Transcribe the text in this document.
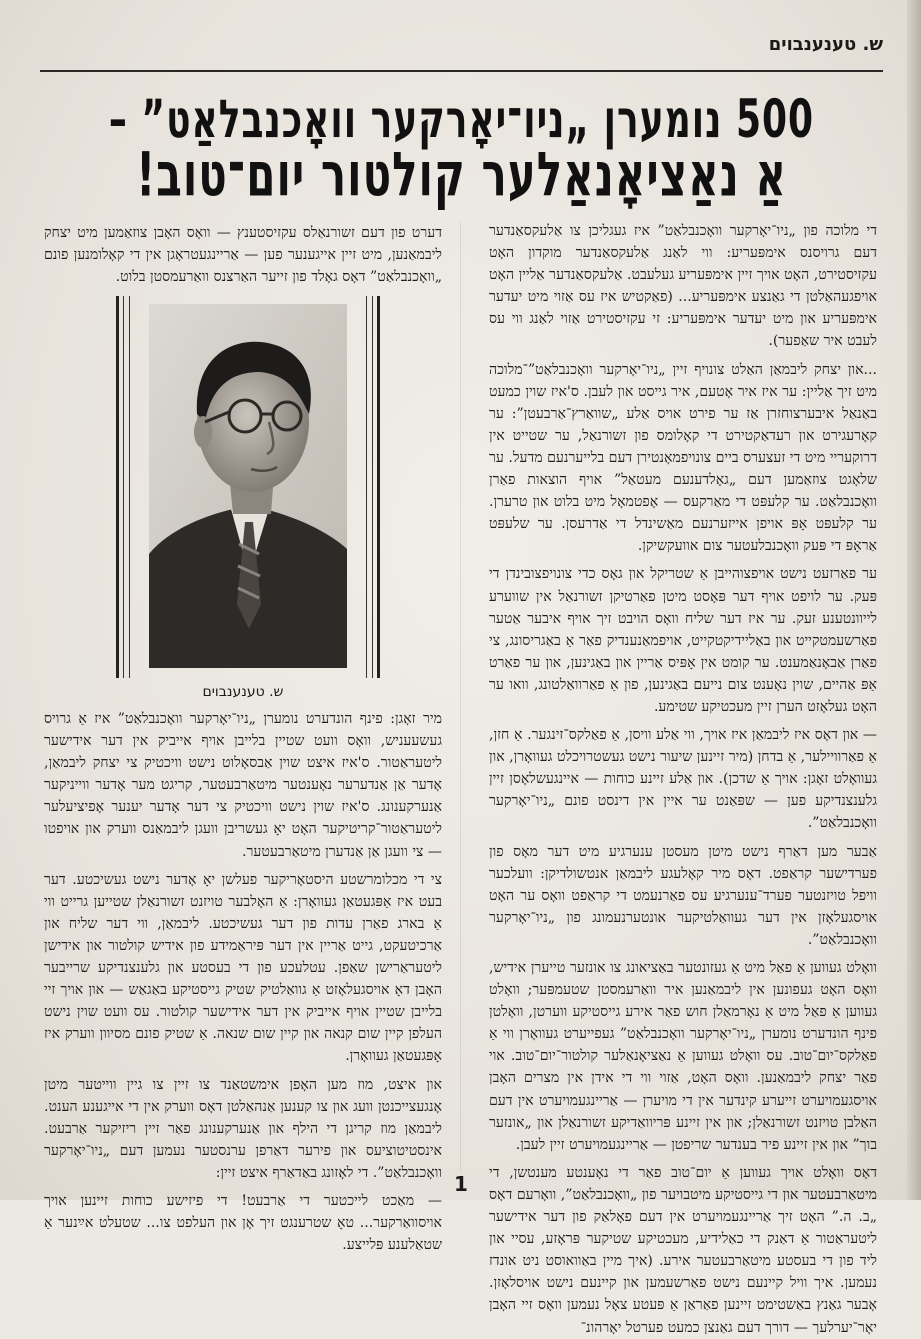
ש. טענענבוים
500 נומערן „ניו־יאָרקער וואָכנבלאַט” –
אַ נאַציאָנאַלער קולטור יום־טוב!

די מלוכה פון „ניו־יאָרקער וואָכנבלאַט” איז געגליכן צו אַלעקסאַנדער דעם גרויסנס אימפּעריע: ווי לאַנג אַלעקסאַנדער מוקדון האָט עקזיסטירט, האָט אויך זיין אימפּעריע געלעבט. אַלעקסאַנדער אַליין האָט אויפגעהאַלטן די גאַנצע אימפּעריע... (פאַקטיש איז עס אַזוי מיט יעדער אימפּעריע און מיט יעדער אימפּעריע: זי עקזיסטירט אַזוי לאַנג ווי עס לעבט איר שאַפער).

...און יצחק ליבמאַן האַלט צונויף זיין „ניו־יאָרקער וואָכנבלאַט”־מלוכה מיט זיך אַליין: ער איז איר אָטעם, איר גייסט און לעבן. ס'איז שוין כמעט באַנאַל איבערצוחזרן אַז ער פירט אויס אַלע „שוואַרץ־אַרבעטן”: ער קאָרעגירט און רעדאַקטירט די קאָלומס פון זשורנאַל, ער שטייט אין דרוקעריי מיט די זעצערס ביים צונויפמאָנטירן דעם בלייערנעם מדעל. ער שלאָגט צוזאַמען דעם „גאָלדענעם מעטאַל” אויף הוצאות פאַרן וואָכנבלאַט. ער קלעפּט די מאַרקעס — אָפטמאָל מיט בלוט און טרערן. ער קלעפּט אָפּ אויפן אייזערנעם מאַשינדל די אַדרעסן. ער שלעפּט אַראָפּ די פּעק וואָכנבלעטער צום אוועקשיקן.

ער פאַרזעט נישט אויפצוהייבן אַ שטריקל און גאָס כדי צונויפצובינדן די פּעק. ער לויפט אויף דער פּאָסט מיטן פאַרטיקן זשורנאַל אין שווערע לייוונטענע זעק. ער איז דער שליח וואָס הויבט זיך אויף איבער אַטער פאַרשעמטקייט און באַליידיקטקייט, אויפמאַנענדיק פאַר אַ באַגריסונג, צי פאַרן אַבאָנאַמענט. ער קומט אין אָפּיס אַריין און באַגינען, און ער פאַרט אַפּ אַהיים, שוין נאָענט צום נייעם באַגינען, פון אַ פאַרוואַלטונג, וואו ער האָט געלאָזט הערן זיין מעכטיקע שטימע.

— און דאָס איז ליבמאַן איז אויך, ווי אַלע וויסן, אַ פאַלקס־זינגער. אַ חזן, אַ פאַרוויילער, אַ בדחן (מיר זיינען שיעור נישט געשטרויכלט געוואָרן, און געוואָלט זאָגן: אויך אַ שדכן). און אַלע זיינע כוחות — איינגעשלאָסן זיין גלענצנדיקע פען — שפּאַנט ער איין אין דינסט פונם „ניו־יאָרקער וואָכנבלאַט”.

אַבער מען דאַרף נישט מיטן מעסטן ענערגיע מיט דער מאָס פון פערדישער קראַפט. דאָס מיר קאָלעגע ליבמאַן אנטשולדיקן: וועלכער וויפל טויזנטער פערד־ענערגיע עס פאַרנעמט די קראַפט וואָס ער האָט אויסגעלאָזן אין דער געוואַלטיקער אונטערנעמונג פון „ניו־יאָרקער וואָכנבלאַט”.

וואָלט געווען אַ פאַל מיט אַ געזונטער באַציאונג צו אונזער טייערן אידיש, וואָס האָט געפונען אין ליבמאַנען איר וואַרעמסטן שטעמפּער; וואָלט געווען אַ פאַל מיט אַ נאָרמאַלן חוש פאַר אירע גייסטיקע ווערטן, וואָלטן פינף הונדערט נומערן „ניו־יאָרקער וואָכנבלאַט” געפייערט געוואָרן ווי אַ פאַלקס־יום־טוב. עס וואָלט געווען אַ נאַציאָנאַלער קולטור־יום־טוב. אוי פאַר יצחק ליבמאַנען. וואָס האָט, אַזוי ווי די אידן אין מצרים האָבן אויסגעמויערט זייערע קינדער אין די מויערן — אַריינגעמויערט אין דעם האַלבן טויזנט זשורנאַלן; און אין זיינע פּריוואַדיקע זשורנאַלן און „אונזער בוך” און אין זיינע פיר בענדער שריפטן — אַריינגעמויערט זיין לעבן.

דאָס וואָלט אויך געווען אַ יום־טוב פאַר די נאָענטע מענטשן, די מיטאַרבעטער און די גייסטיקע מיטבויער פון „וואָכנבלאַט”, וואָרעם דאָס „ב. ה.” האָט זיך אַריינגעמויערט אין דעם פאָלאַק פון דער אידישער ליטעראַטור אַ דאַנק די כאַלידיע, מעכטיקע שטיקער פּראָזע, עסיי און ליד פון די בעסטע מיטאַרבעטער אירע. (איך מיין באַוואוסט ניט אונדז נעמען. איך וויל קיינעם נישט פאַרשעמען און קיינעם נישט אויסלאָזן. אָבער גאַנץ באַשטימט זיינען פאַראַן אַ פּעטע צאָל נעמען וואָס זיי האָבן יאָר־יערלעך — דורך דעם גאַנצן כמעט פערטל יאָרהונ־

דערט פון דעם זשורנאַלס עקזיסטענץ — וואָס האָבן צוזאַמען מיט יצחק ליבמאַנען, מיט זיין אייגענער פען — אַריינגעטראָגן אין די קאָלומנען פונם „וואָכנבלאַט” דאָס גאָלד פון זייער האַרצנס וואַרעמסטן בלוט.

ש. טענענבוים

מיר זאָגן: פינף הונדערט נומערן „ניו־יאָרקער וואָכנבלאַט” איז אַ גרויס געשעעניש, וואָס וועט שטיין בלייבן אויף אייביק אין דער אידישער ליטעראַטור. ס'איז איצט שוין אַבסאָלוט נישט וויכטיק צי יצחק ליבמאַן, אָדער אַן אַנדערער נאָענטער מיטאַרבעטער, קריגט מער אָדער ווייניקער אַנערקענונג. ס'איז שוין נישט וויכטיק צי דער אָדער יענער אָפיציעלער ליטעראַטור־קריטיקער האָט יאָ געשריבן וועגן ליבמאַנס ווערק און אויפטו — צי וועגן אַן אַנדערן מיטאַרבעטער.

צי די מכלומרשטע היסטאָריקער פעלשן יאָ אָדער נישט געשיכטע. דער בעט איז אַפּגעטאַן געוואָרן: אַ האָלבער טויזנט זשורנאַלן שטייען גרייט ווי אַ בארג פאַרן עדות פון דער געשיכטע. ליבמאַן, ווי דער שליח און אַרכיטעקט, גייט אַריין אין דער פּיראַמידע פון אידיש קולטור און אידישן ליטעראַרישן שאַפן. עטלעכע פון די בעסטע און גלענצנדיקע שרייבער האָבן דאָ אויסגעלאָזט אַ גוואַלטיק שטיק גייסטיקע באַגאַש — און אויך זיי בלייבן שטיין אויף אייביק אין דער אידישער קולטור. עס וועט שוין נישט העלפן קיין שום קנאה און קיין שום שנאה. אַ שטיק פונם מסיוון ווערק איז אָפּגעטאַן געוואָרן.

און איצט, מוז מען האָפן אימשטאַנד צו זיין צו גיין ווייטער מיטן אָנגעצייכנטן וועג און צו קענען אַנהאַלטן דאָס ווערק אין די אייגענע הענט. ליבמאַן מוז קריגן די הילף און אַנערקענונג פאַר זיין ריזיקער אַרבעט. אינסטיטוציעס און פירער דאַרפן ערנסטער נעמען דעם „ניו־יאָרקער וואָכנבלאַט”. די לאָזונג באַדאַרף איצט זיין:

— מאַכט לייכטער די אַרבעט! די פיזישע כוחות זיינען אויך אויסוואַרקער... טאָ שטרענגט זיך אָן און העלפט צו... שטעלט אײַנער אַ שטאַלענע פּלייצע.

1
